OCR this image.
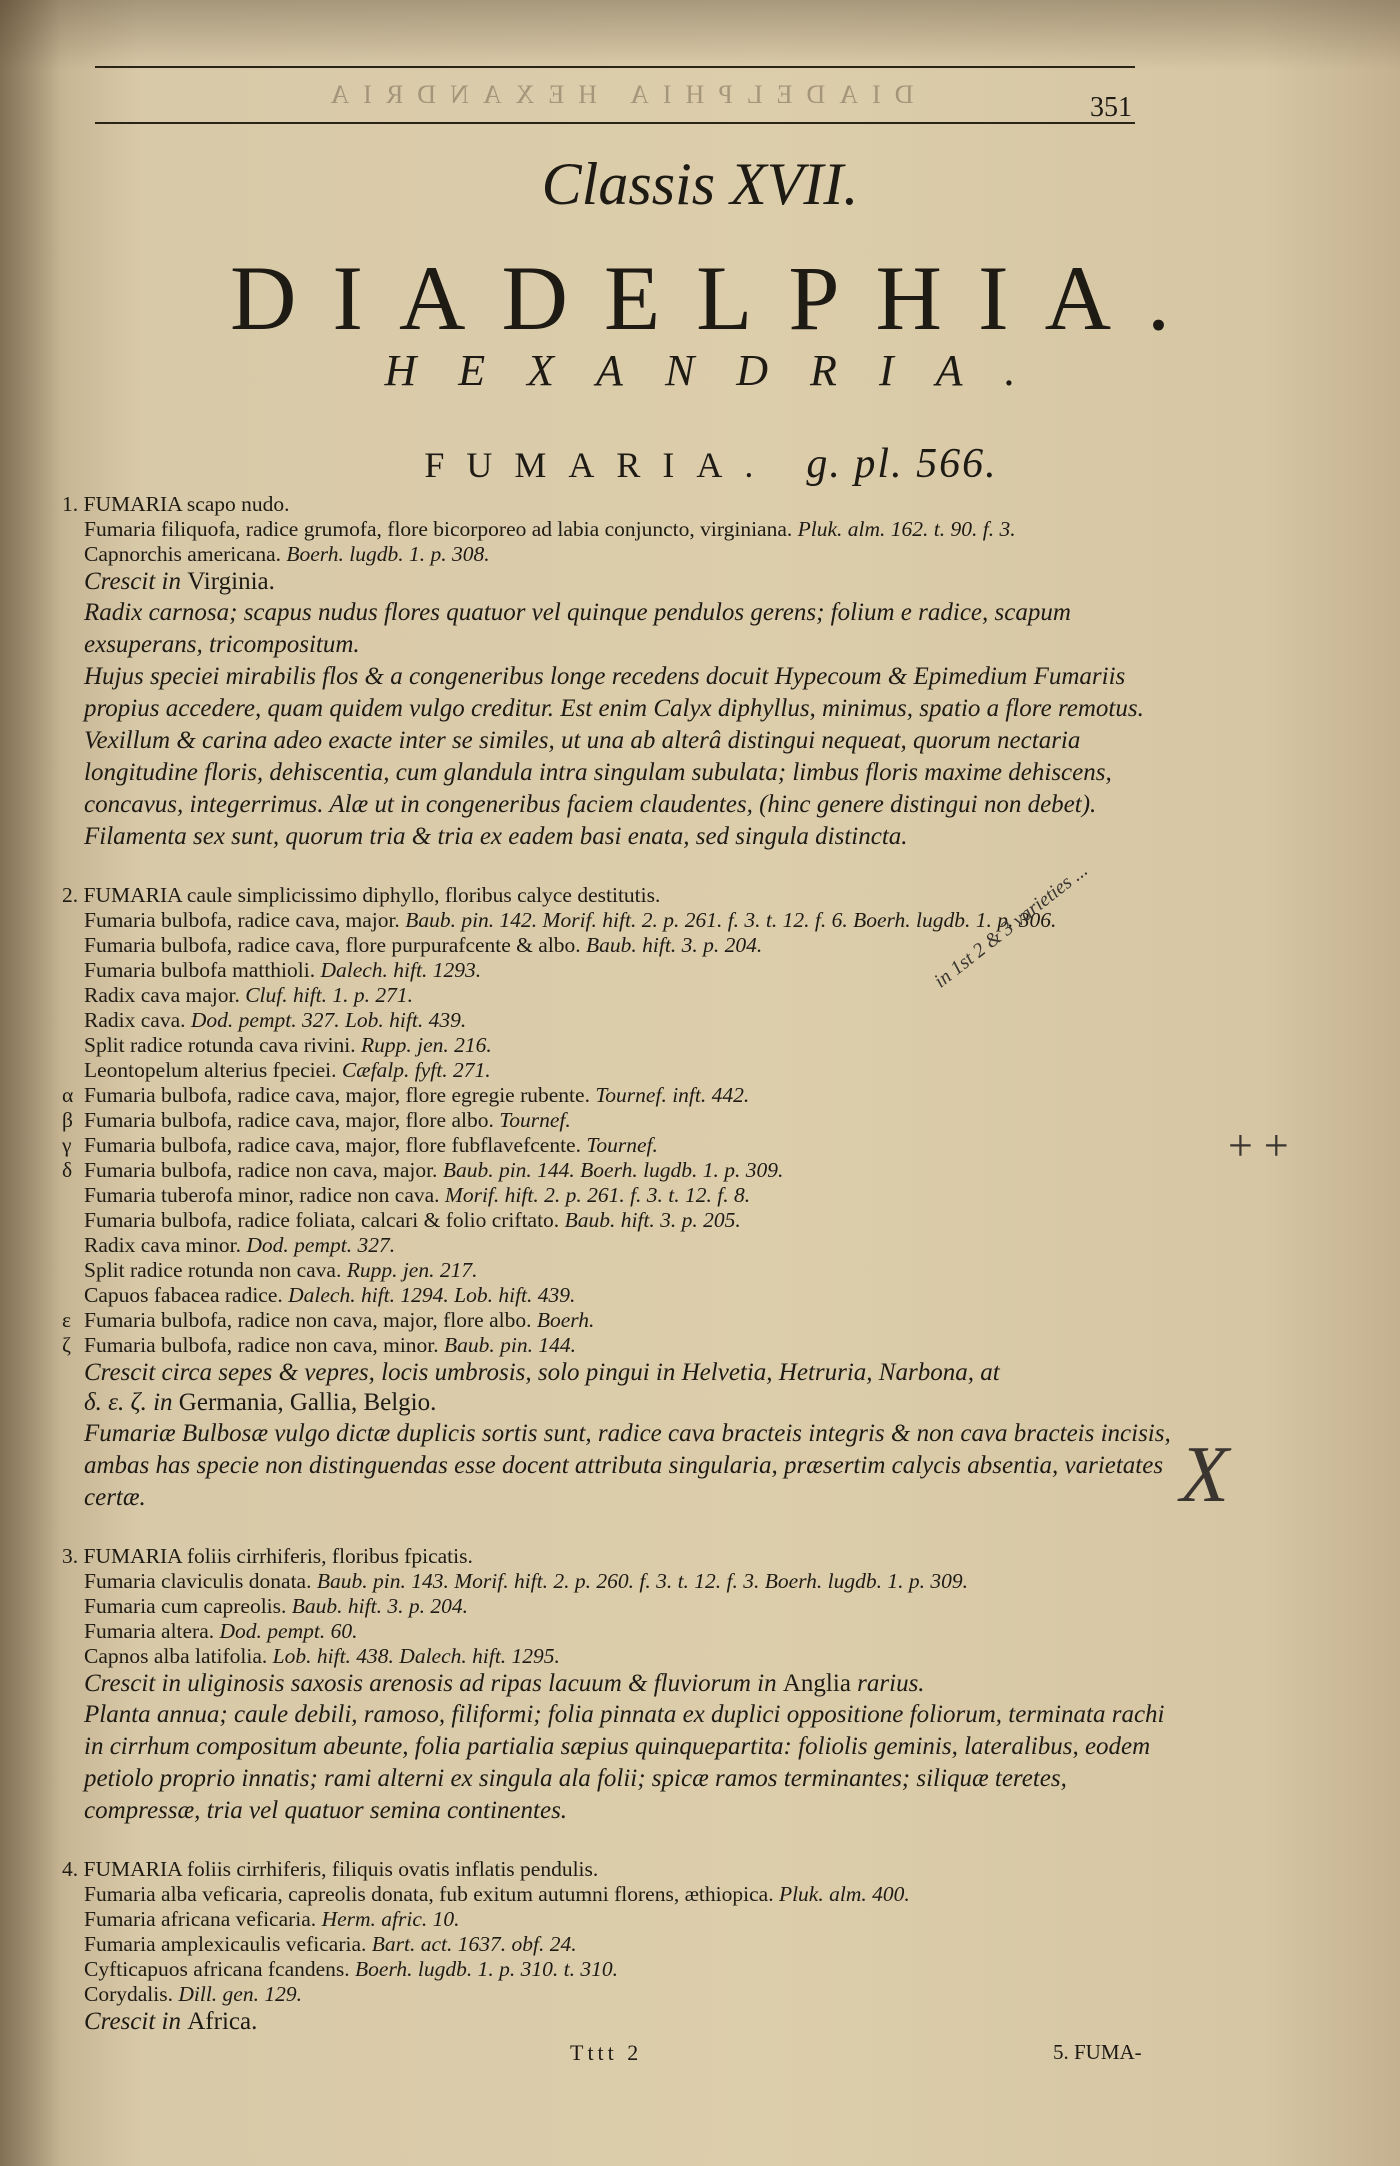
DIADELPHIA HEXANDRIA	351
Classis XVII.
DIADELPHIA.
HEXANDRIA.
FUMARIA. g. pl. 566.
1. FUMARIA scapo nudo.
Fumaria filiquofa, radice grumofa, flore bicorporeo ad labia conjuncto, virginiana. Pluk. alm. 162. t. 90. f. 3.
Capnorchis americana. Boerh. lugdb. 1. p. 308.
Crescit in Virginia.
Radix carnosa; scapus nudus flores quatuor vel quinque pendulos gerens; folium e radice, scapum exsuperans, tricompositum.
Hujus speciei mirabilis flos & a congeneribus longe recedens docuit Hypecoum & Epimedium Fumariis propius accedere, quam quidem vulgo creditur. Est enim Calyx diphyllus, minimus, spatio a flore remotus. Vexillum & carina adeo exacte inter se similes, ut una ab alterâ distingui nequeat, quorum nectaria longitudine floris, dehiscentia, cum glandula intra singulam subulata; limbus floris maxime dehiscens, concavus, integerrimus. Alæ ut in congeneribus faciem claudentes, (hinc genere distingui non debet). Filamenta sex sunt, quorum tria & tria ex eadem basi enata, sed singula distincta.
2. FUMARIA caule simplicissimo diphyllo, floribus calyce destitutis.
Fumaria bulbofa, radice cava, major. Baub. pin. 142. Morif. hift. 2. p. 261. f. 3. t. 12. f. 6. Boerh. lugdb. 1. p. 306.
Fumaria bulbofa, radice cava, flore purpurafcente & albo. Baub. hift. 3. p. 204.
Fumaria bulbofa matthioli. Dalech. hift. 1293.
Radix cava major. Cluf. hift. 1. p. 271.
Radix cava. Dod. pempt. 327. Lob. hift. 439.
Split radice rotunda cava rivini. Rupp. jen. 216.
Leontopelum alterius fpeciei. Cæfalp. fyft. 271.
α Fumaria bulbofa, radice cava, major, flore egregie rubente. Tournef. inft. 442.
β Fumaria bulbofa, radice cava, major, flore albo. Tournef.
γ Fumaria bulbofa, radice cava, major, flore fubflavefcente. Tournef.
δ Fumaria bulbofa, radice non cava, major. Baub. pin. 144. Boerh. lugdb. 1. p. 309.
Fumaria tuberofa minor, radice non cava. Morif. hift. 2. p. 261. f. 3. t. 12. f. 8.
Fumaria bulbofa, radice foliata, calcari & folio criftato. Baub. hift. 3. p. 205.
Radix cava minor. Dod. pempt. 327.
Split radice rotunda non cava. Rupp. jen. 217.
Capuos fabacea radice. Dalech. hift. 1294. Lob. hift. 439.
ε Fumaria bulbofa, radice non cava, major, flore albo. Boerh.
ζ Fumaria bulbofa, radice non cava, minor. Baub. pin. 144.
Crescit circa sepes & vepres, locis umbrosis, solo pingui in Helvetia, Hetruria, Narbona, at
δ. ε. ζ. in Germania, Gallia, Belgio.
Fumariæ Bulbosæ vulgo dictæ duplicis sortis sunt, radice cava bracteis integris & non cava bracteis incisis, ambas has specie non distinguendas esse docent attributa singularia, præsertim calycis absentia, varietates certæ.
3. FUMARIA foliis cirrhiferis, floribus fpicatis.
Fumaria claviculis donata. Baub. pin. 143. Morif. hift. 2. p. 260. f. 3. t. 12. f. 3. Boerh. lugdb. 1. p. 309.
Fumaria cum capreolis. Baub. hift. 3. p. 204.
Fumaria altera. Dod. pempt. 60.
Capnos alba latifolia. Lob. hift. 438. Dalech. hift. 1295.
Crescit in uliginosis saxosis arenosis ad ripas lacuum & fluviorum in Anglia rarius.
Planta annua; caule debili, ramoso, filiformi; folia pinnata ex duplici oppositione foliorum, terminata rachi in cirrhum compositum abeunte, folia partialia sæpius quinquepartita: foliolis geminis, lateralibus, eodem petiolo proprio innatis; rami alterni ex singula ala folii; spicæ ramos terminantes; siliquæ teretes, compressæ, tria vel quatuor semina continentes.
4. FUMARIA foliis cirrhiferis, filiquis ovatis inflatis pendulis.
Fumaria alba veficaria, capreolis donata, fub exitum autumni florens, æthiopica. Pluk. alm. 400.
Fumaria africana veficaria. Herm. afric. 10.
Fumaria amplexicaulis veficaria. Bart. act. 1637. obf. 24.
Cyfticapuos africana fcandens. Boerh. lugdb. 1. p. 310. t. 310.
Corydalis. Dill. gen. 129.
Crescit in Africa.
Tttt 2	5. FUMA-
in 1st 2 & 3 varieties ...
+ +
X
